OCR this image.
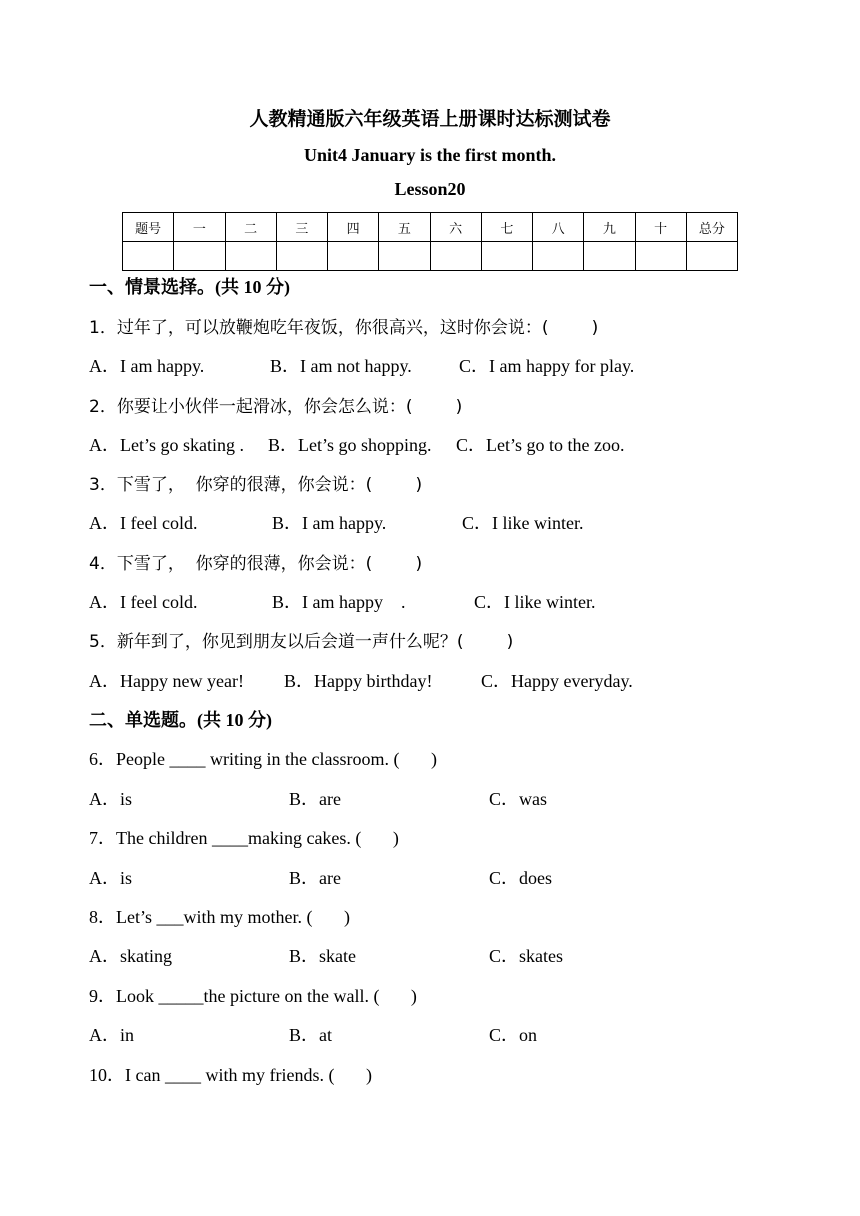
人教精通版六年级英语上册课时达标测试卷
Unit4 January is the first month.
Lesson20
题号	一	二	三	四	五	六	七	八	九	十	总分

一、情景选择。(共 10 分)
1．过年了，可以放鞭炮吃年夜饭，你很高兴，这时你会说：(        )
A．I am happy.	B．I am not happy.	C．I am happy for play.
2．你要让小伙伴一起滑冰，你会怎么说：(        )
A．Let’s go skating . B．Let’s go shopping. C．Let’s go to the zoo.
3．下雪了，  你穿的很薄，你会说：(        )
A．I feel cold.	B．I am happy.	C．I like winter.
4．下雪了，  你穿的很薄，你会说：(        )
A．I feel cold.	B．I am happy    .	C．I like winter.
5．新年到了，你见到朋友以后会道一声什么呢？(        )
A．Happy new year! B．Happy birthday!	C．Happy everyday.
二、单选题。(共 10 分)
6．People ____ writing in the classroom. (       )
A．is	B．are	C．was
7．The children ____making cakes. (       )
A．is	B．are	C．does
8．Let’s ___with my mother. (       )
A．skating	B．skate	C．skates
9．Look _____the picture on the wall. (       )
A．in	B．at	C．on
10．I can ____ with my friends. (       )
